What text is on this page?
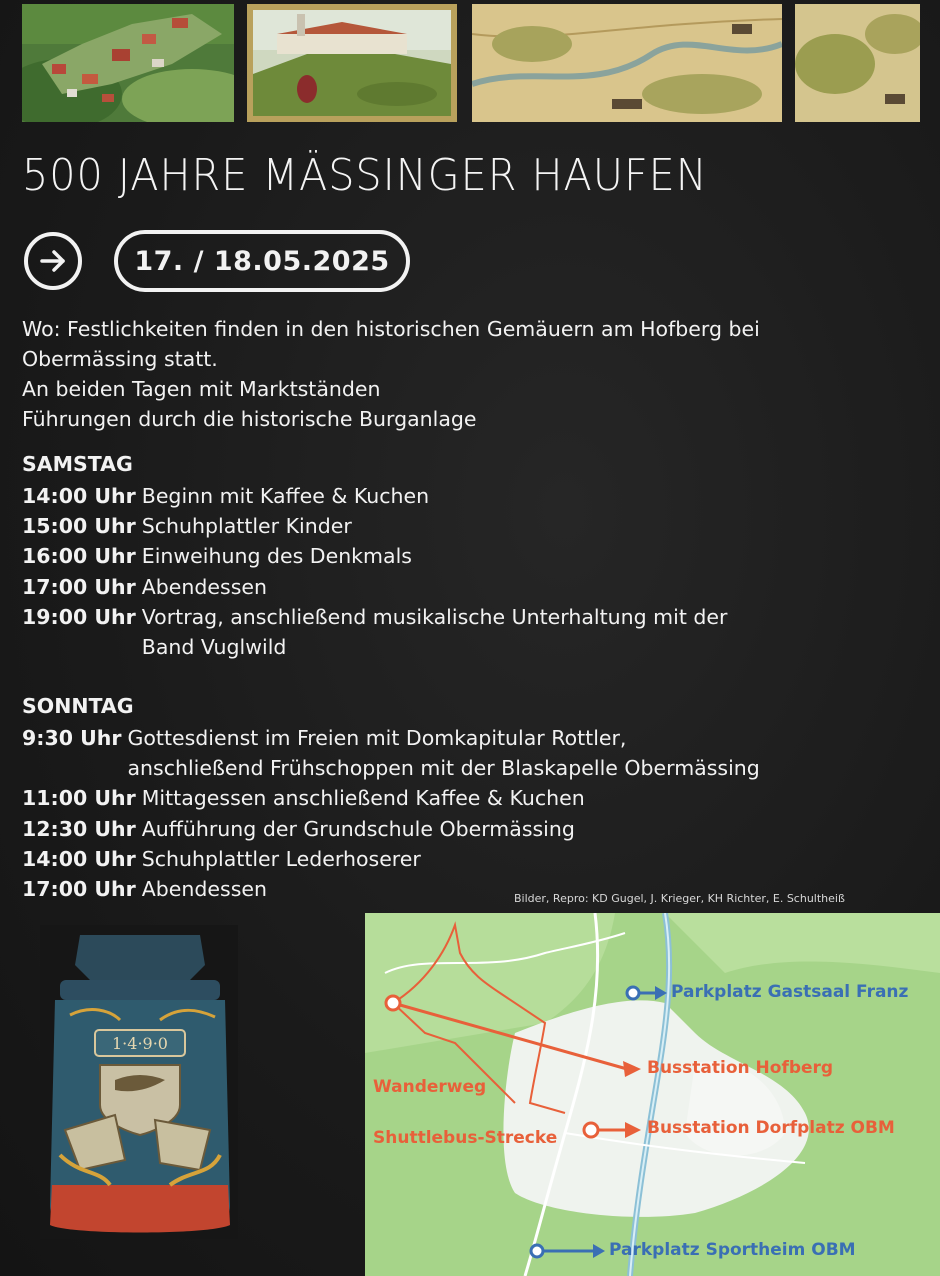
500 JAHRE MÄSSINGER HAUFEN
17. / 18.05.2025
Wo: Festlichkeiten finden in den historischen Gemäuern am Hofberg bei
Obermässing statt.
An beiden Tagen mit Marktständen
Führungen durch die historische Burganlage
SAMSTAG
14:00 Uhr Beginn mit Kaffee & Kuchen
15:00 Uhr Schuhplattler Kinder
16:00 Uhr Einweihung des Denkmals
17:00 Uhr Abendessen
19:00 Uhr Vortrag, anschließend musikalische Unterhaltung mit der
Band Vuglwild
SONNTAG
9:30 Uhr Gottesdienst im Freien mit Domkapitular Rottler,
anschließend Frühschoppen mit der Blaskapelle Obermässing
11:00 Uhr Mittagessen anschließend Kaffee & Kuchen
12:30 Uhr Aufführung der Grundschule Obermässing
14:00 Uhr Schuhplattler Lederhoserer
17:00 Uhr Abendessen	Bilder, Repro: KD Gugel, J. Krieger, KH Richter, E. Schultheiß
1·4·9·0
Parkplatz Gastsaal Franz
Busstation Hofberg
Wanderweg
Shuttlebus-Strecke	Busstation Dorfplatz OBM
Parkplatz Sportheim OBM
